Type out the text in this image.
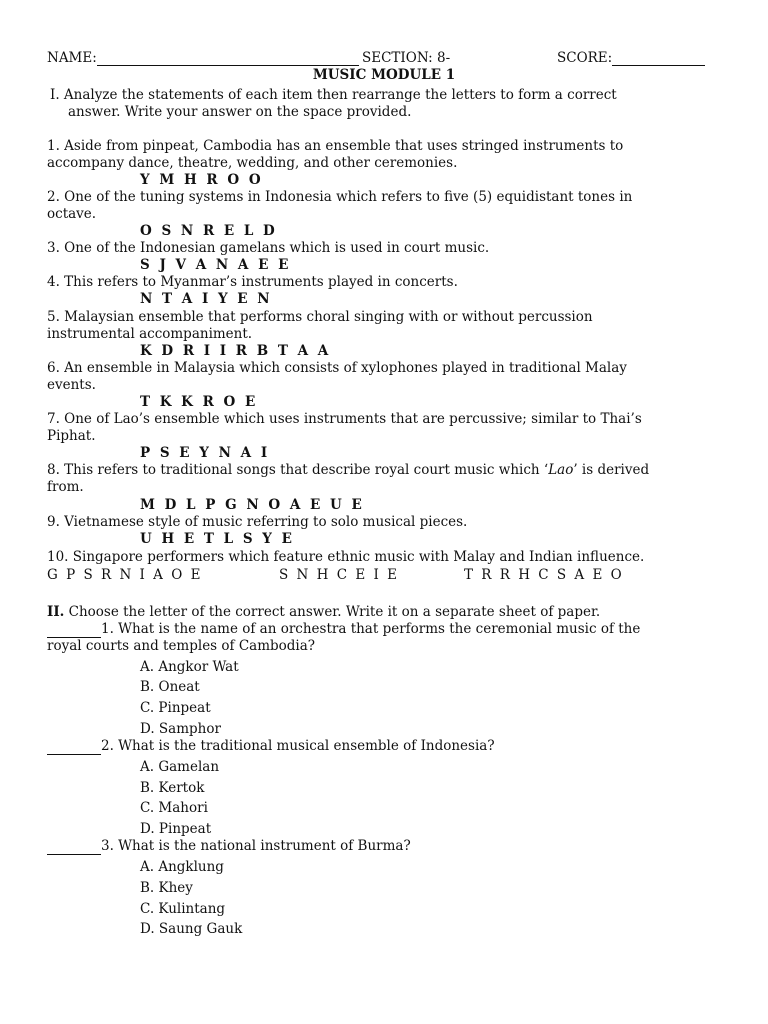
NAME:	SECTION: 8-	SCORE:
MUSIC MODULE 1
I. Analyze the statements of each item then rearrange the letters to form a correct
answer. Write your answer on the space provided.
1. Aside from pinpeat, Cambodia has an ensemble that uses stringed instruments to
accompany dance, theatre, wedding, and other ceremonies.
Y M H R O O
2. One of the tuning systems in Indonesia which refers to five (5) equidistant tones in
octave.
O S N R E L D
3. One of the Indonesian gamelans which is used in court music.
S J V A N A E E
4. This refers to Myanmar’s instruments played in concerts.
N T A I Y E N
5. Malaysian ensemble that performs choral singing with or without percussion
instrumental accompaniment.
K D R I I R B T A A
6. An ensemble in Malaysia which consists of xylophones played in traditional Malay
events.
T K K R O E
7. One of Lao’s ensemble which uses instruments that are percussive; similar to Thai’s
Piphat.
P S E Y N A I
8. This refers to traditional songs that describe royal court music which ‘Lao’ is derived
from.
M D L P G N O A E U E
9. Vietnamese style of music referring to solo musical pieces.
U H E T L S Y E
10. Singapore performers which feature ethnic music with Malay and Indian influence.
G P S R N I A O E	S N H C E I E	T R R H C S A E O
II. Choose the letter of the correct answer. Write it on a separate sheet of paper.
1. What is the name of an orchestra that performs the ceremonial music of the
royal courts and temples of Cambodia?
A. Angkor Wat
B. Oneat
C. Pinpeat
D. Samphor
2. What is the traditional musical ensemble of Indonesia?
A. Gamelan
B. Kertok
C. Mahori
D. Pinpeat
3. What is the national instrument of Burma?
A. Angklung
B. Khey
C. Kulintang
D. Saung Gauk
